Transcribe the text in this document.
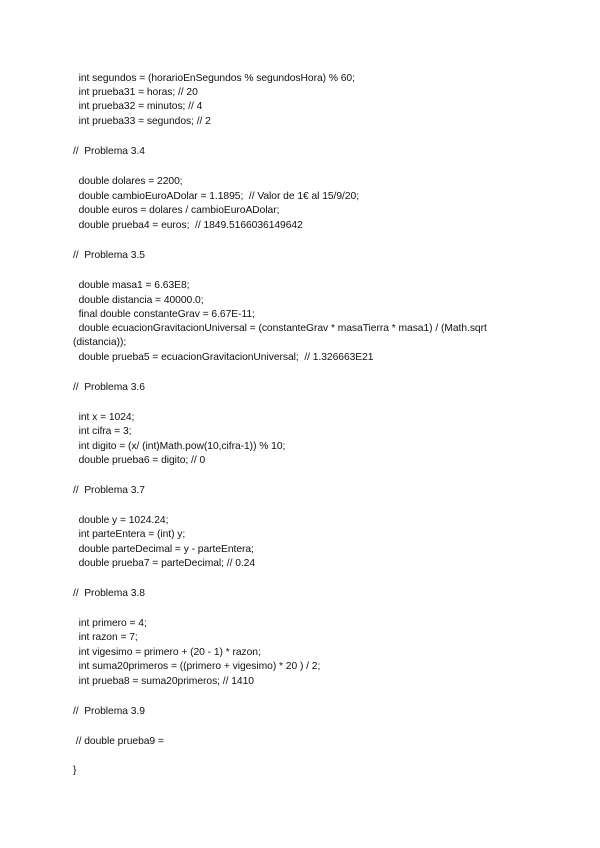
int segundos = (horarioEnSegundos % segundosHora) % 60;
int prueba31 = horas; // 20
int prueba32 = minutos; // 4
int prueba33 = segundos; // 2
//  Problema 3.4
double dolares = 2200;
double cambioEuroADolar = 1.1895;  // Valor de 1€ al 15/9/20;
double euros = dolares / cambioEuroADolar;
double prueba4 = euros;  // 1849.5166036149642
//  Problema 3.5
double masa1 = 6.63E8;
double distancia = 40000.0;
final double constanteGrav = 6.67E-11;
double ecuacionGravitacionUniversal = (constanteGrav * masaTierra * masa1) / (Math.sqrt
(distancia));
double prueba5 = ecuacionGravitacionUniversal;  // 1.326663E21
//  Problema 3.6
int x = 1024;
int cifra = 3;
int digito = (x/ (int)Math.pow(10,cifra-1)) % 10;
double prueba6 = digito; // 0
//  Problema 3.7
double y = 1024.24;
int parteEntera = (int) y;
double parteDecimal = y - parteEntera;
double prueba7 = parteDecimal; // 0.24
//  Problema 3.8
int primero = 4;
int razon = 7;
int vigesimo = primero + (20 - 1) * razon;
int suma20primeros = ((primero + vigesimo) * 20 ) / 2;
int prueba8 = suma20primeros; // 1410
//  Problema 3.9
// double prueba9 =
}
